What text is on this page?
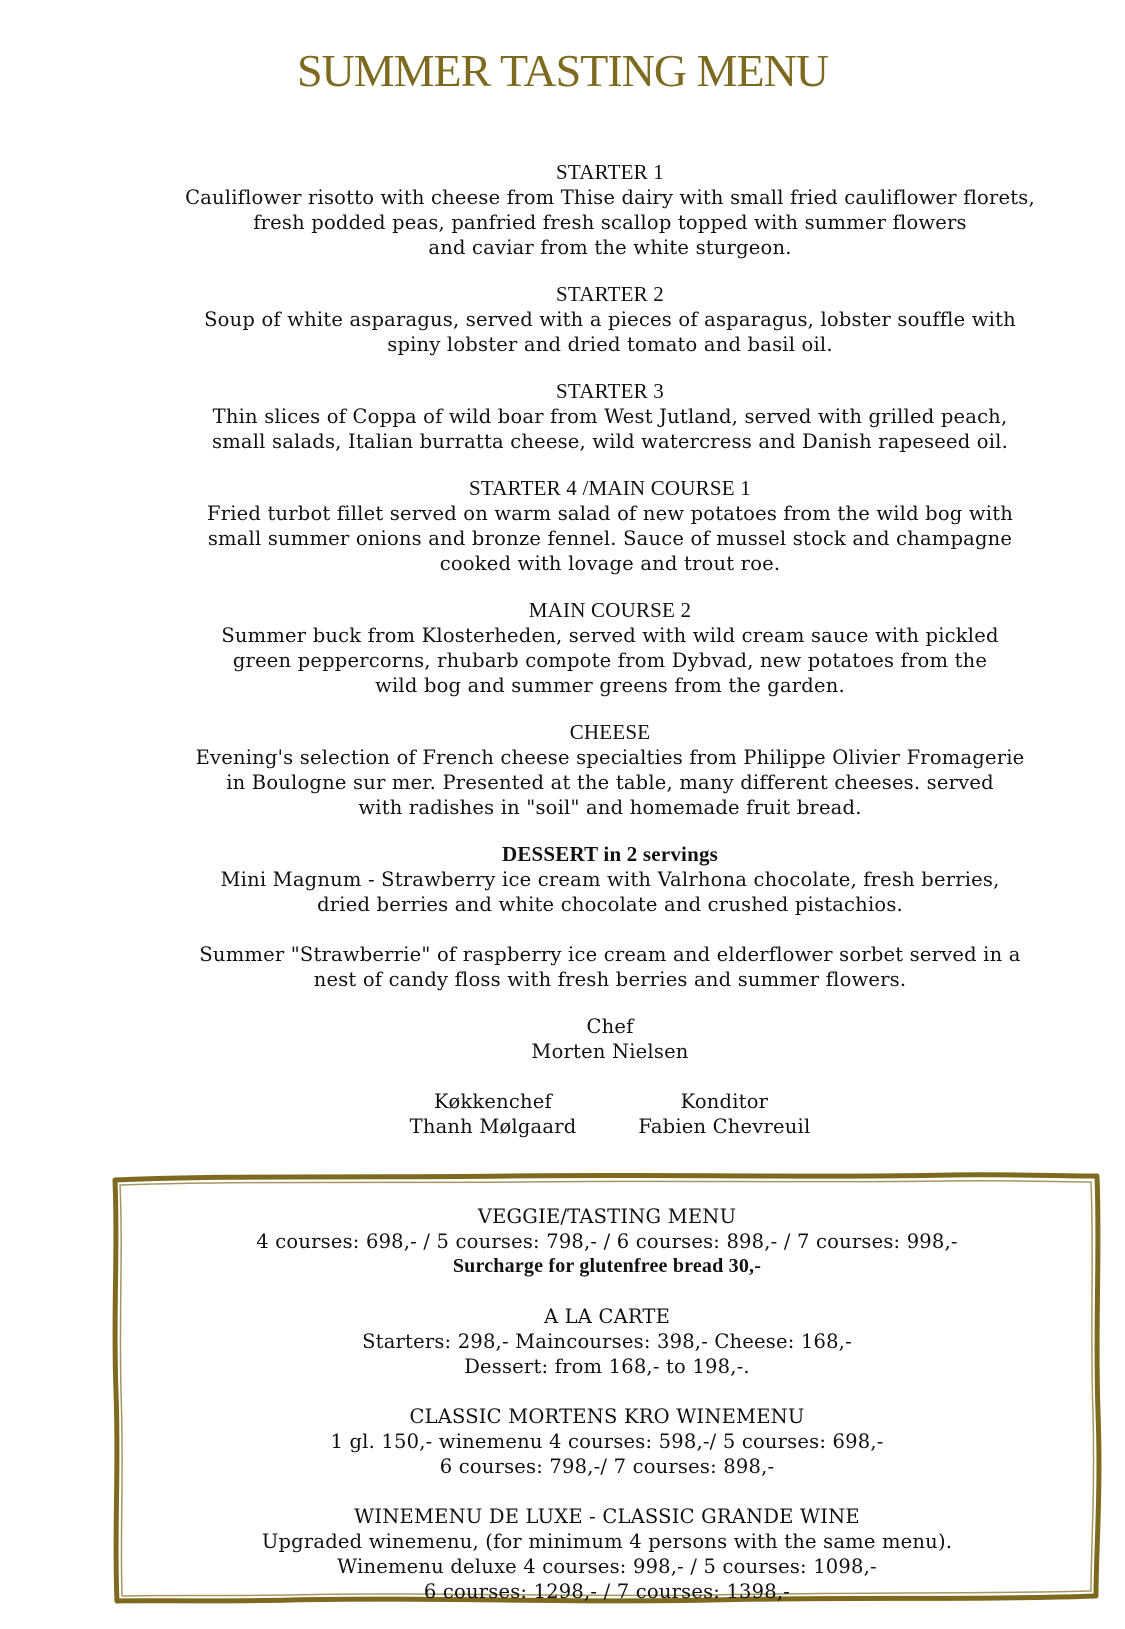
SUMMER TASTING MENU
STARTER 1
Cauliflower risotto with cheese from Thise dairy with small fried cauliflower florets,
fresh podded peas, panfried fresh scallop topped with summer flowers
and caviar from the white sturgeon.
STARTER 2
Soup of white asparagus, served with a pieces of asparagus, lobster souffle with
spiny lobster and dried tomato and basil oil.
STARTER 3
Thin slices of Coppa of wild boar from West Jutland, served with grilled peach,
small salads, Italian burratta cheese, wild watercress and Danish rapeseed oil.
STARTER 4 /MAIN COURSE 1
Fried turbot fillet served on warm salad of new potatoes from the wild bog with
small summer onions and bronze fennel. Sauce of mussel stock and champagne
cooked with lovage and trout roe.
MAIN COURSE 2
Summer buck from Klosterheden, served with wild cream sauce with pickled
green peppercorns, rhubarb compote from Dybvad, new potatoes from the
wild bog and summer greens from the garden.
CHEESE
Evening's selection of French cheese specialties from Philippe Olivier Fromagerie
in Boulogne sur mer. Presented at the table, many different cheeses. served
with radishes in "soil" and homemade fruit bread.
DESSERT in 2 servings
Mini Magnum - Strawberry ice cream with Valrhona chocolate, fresh berries,
dried berries and white chocolate and crushed pistachios.
Summer "Strawberrie" of raspberry ice cream and elderflower sorbet served in a
nest of candy floss with fresh berries and summer flowers.
Chef
Morten Nielsen
Køkkenchef
Thanh Mølgaard
Konditor
Fabien Chevreuil
VEGGIE/TASTING MENU
4 courses: 698,- / 5 courses: 798,- / 6 courses: 898,- / 7 courses: 998,-
Surcharge for glutenfree bread 30,-
A LA CARTE
Starters: 298,- Maincourses: 398,- Cheese: 168,-
Dessert: from 168,- to 198,-.
CLASSIC MORTENS KRO WINEMENU
1 gl. 150,- winemenu 4 courses: 598,-/ 5 courses: 698,-
6 courses: 798,-/ 7 courses: 898,-
WINEMENU DE LUXE - CLASSIC GRANDE WINE
Upgraded winemenu, (for minimum 4 persons with the same menu).
Winemenu deluxe 4 courses: 998,- / 5 courses: 1098,-
6 courses: 1298,- / 7 courses: 1398,-
